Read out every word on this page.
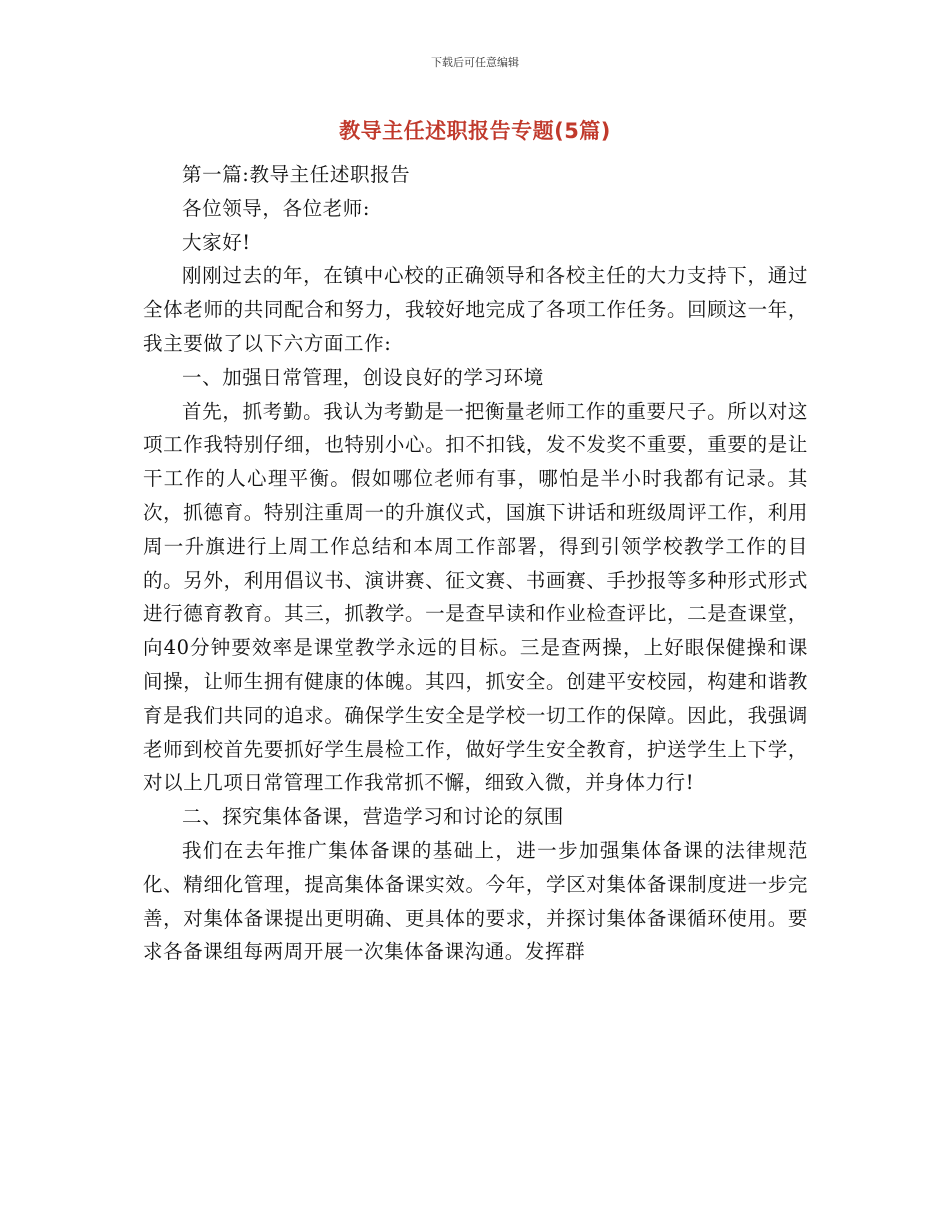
下载后可任意编辑
教导主任述职报告专题(5篇)

第一篇:教导主任述职报告

各位领导，各位老师:

大家好!

刚刚过去的年，在镇中心校的正确领导和各校主任的大力支持下，通过全体老师的共同配合和努力，我较好地完成了各项工作任务。回顾这一年，我主要做了以下六方面工作:

一、加强日常管理，创设良好的学习环境

首先，抓考勤。我认为考勤是一把衡量老师工作的重要尺子。所以对这项工作我特别仔细，也特别小心。扣不扣钱，发不发奖不重要，重要的是让干工作的人心理平衡。假如哪位老师有事，哪怕是半小时我都有记录。其次，抓德育。特别注重周一的升旗仪式，国旗下讲话和班级周评工作，利用周一升旗进行上周工作总结和本周工作部署，得到引领学校教学工作的目的。另外，利用倡议书、演讲赛、征文赛、书画赛、手抄报等多种形式形式进行德育教育。其三，抓教学。一是查早读和作业检查评比，二是查课堂，向40分钟要效率是课堂教学永远的目标。三是查两操，上好眼保健操和课间操，让师生拥有健康的体魄。其四，抓安全。创建平安校园，构建和谐教育是我们共同的追求。确保学生安全是学校一切工作的保障。因此，我强调老师到校首先要抓好学生晨检工作，做好学生安全教育，护送学生上下学，对以上几项日常管理工作我常抓不懈，细致入微，并身体力行!

二、探究集体备课，营造学习和讨论的氛围

我们在去年推广集体备课的基础上，进一步加强集体备课的法律规范化、精细化管理，提高集体备课实效。今年，学区对集体备课制度进一步完善，对集体备课提出更明确、更具体的要求，并探讨集体备课循环使用。要求各备课组每两周开展一次集体备课沟通。发挥群
